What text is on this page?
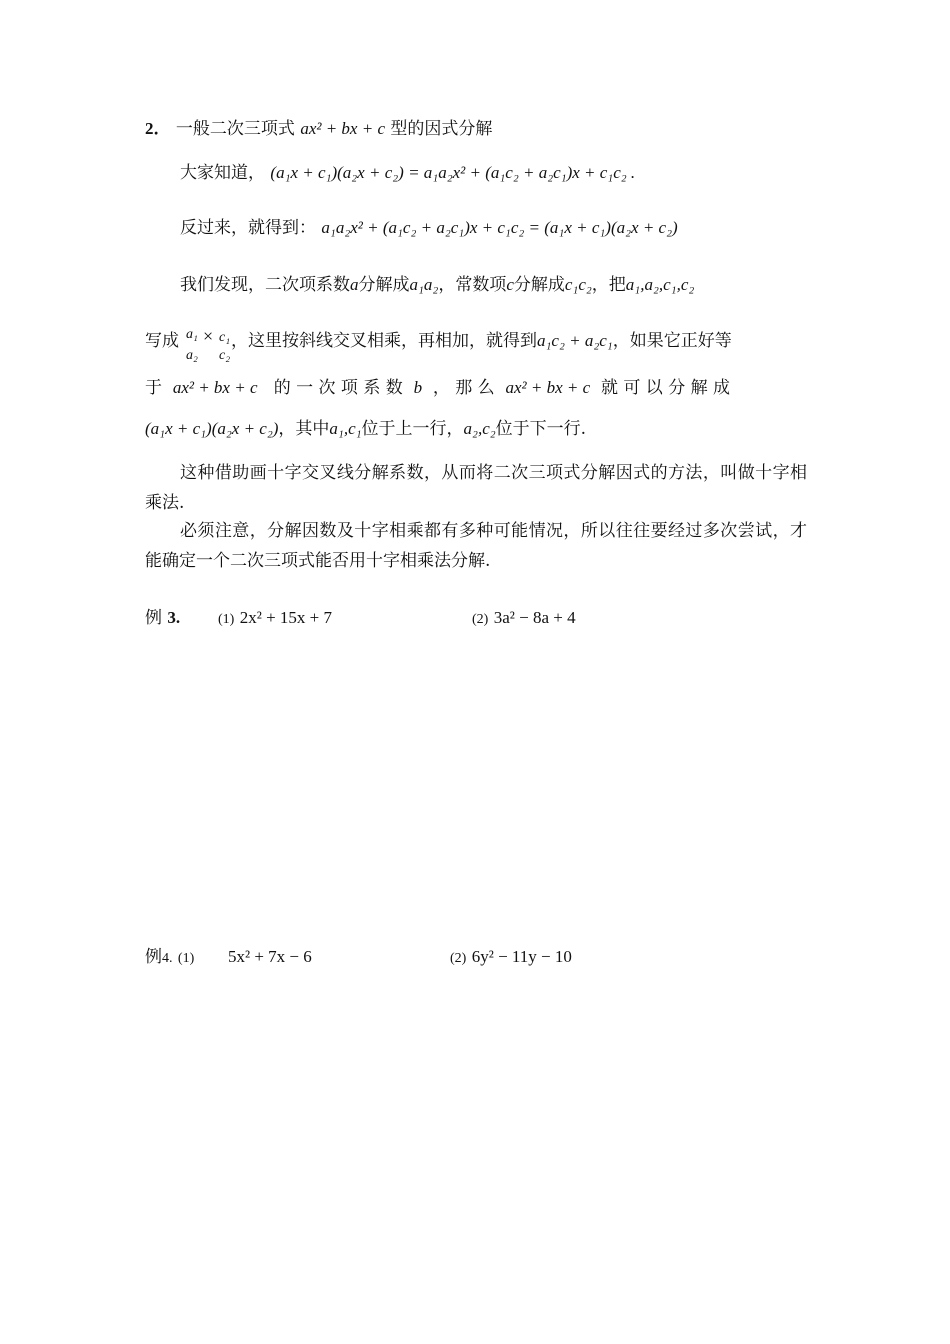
2． 一般二次三项式 ax² + bx + c 型的因式分解
大家知道， (a₁x + c₁)(a₂x + c₂) = a₁a₂x² + (a₁c₂ + a₂c₁)x + c₁c₂ .
反过来，就得到： a₁a₂x² + (a₁c₂ + a₂c₁)x + c₁c₂ = (a₁x + c₁)(a₂x + c₂)
我们发现，二次项系数a分解成a₁a₂，常数项c分解成c₁c₂，把a₁,a₂,c₁,c₂
写成	，这里按斜线交叉相乘，再相加，就得到a₁c₂ + a₂c₁，如果它正好等
a₁ × c₁
a₂ c₂
于 ax² + bx + c 的 一 次 项 系 数 b ， 那 么 ax² + bx + c 就 可 以 分 解 成
(a₁x + c₁)(a₂x + c₂)，其中a₁,c₁位于上一行，a₂,c₂位于下一行.
这种借助画十字交叉线分解系数，从而将二次三项式分解因式的方法，叫做十字相乘法.
必须注意，分解因数及十字相乘都有多种可能情况，所以往往要经过多次尝试，才能确定一个二次三项式能否用十字相乘法分解.
例 3.	(1) 2x² + 15x + 7	(2) 3a² − 8a + 4
例4. (1) 5x² + 7x − 6	(2) 6y² − 11y − 10
